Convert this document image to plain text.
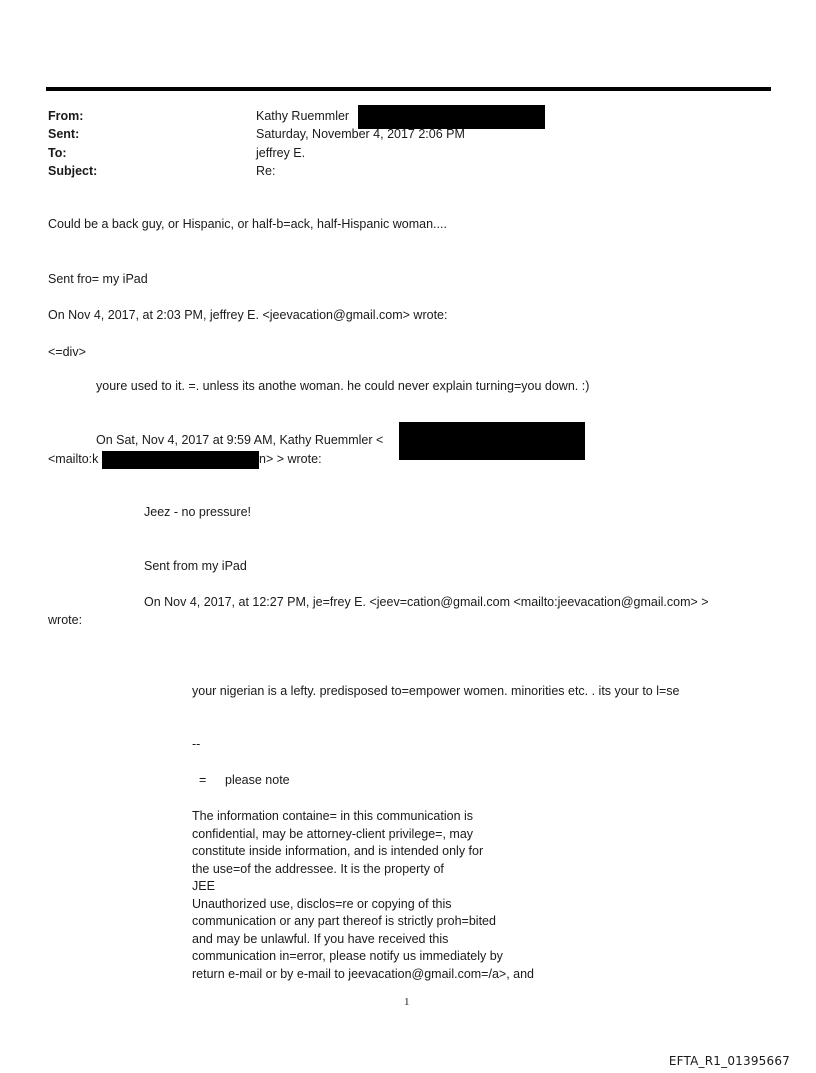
From:	Kathy Ruemmler
Sent:	Saturday, November 4, 2017 2:06 PM
To:	jeffrey E.
Subject:	Re:
Could be a back guy, or Hispanic, or half-b=ack, half-Hispanic woman....
Sent fro= my iPad
On Nov 4, 2017, at 2:03 PM, jeffrey E. <jeevacation@gmail.com> wrote:
<=div>
youre used to it. =. unless its anothe woman. he could never explain turning=you down. :)
On Sat, Nov 4, 2017 at 9:59 AM, Kathy Ruemmler <
<mailto:k	n> > wrote:
Jeez - no pressure!
Sent from my iPad
On Nov 4, 2017, at 12:27 PM, je=frey E. <jeev=cation@gmail.com <mailto:jeevacation@gmail.com> >
wrote:
your nigerian is a lefty. predisposed to=empower women. minorities etc. . its your to l=se
--
= please note
The information containe= in this communication is
confidential, may be attorney-client privilege=, may
constitute inside information, and is intended only for
the use=of the addressee. It is the property of
JEE
Unauthorized use, disclos=re or copying of this
communication or any part thereof is strictly proh=bited
and may be unlawful. If you have received this
communication in=error, please notify us immediately by
return e-mail or by e-mail to jeevacation@gmail.com=/a>, and
1
EFTA_R1_01395667
